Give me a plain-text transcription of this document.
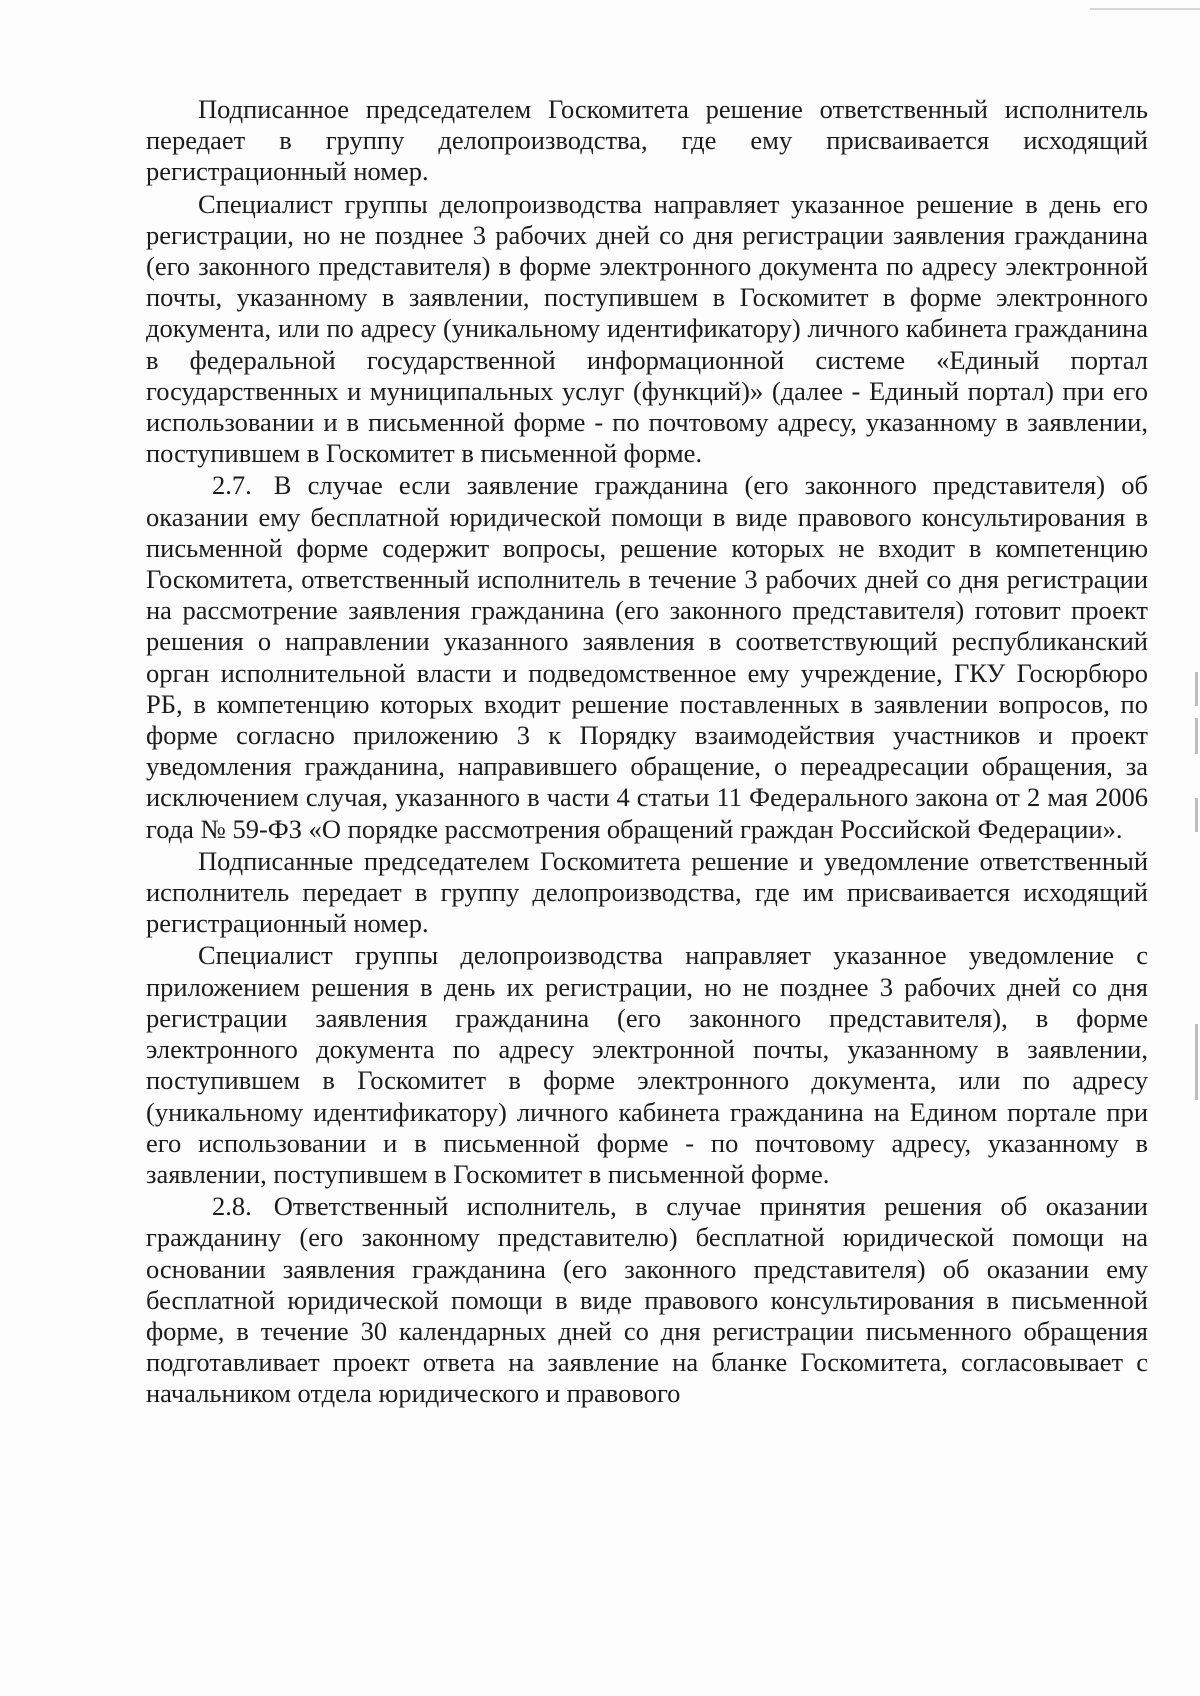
Подписанное председателем Госкомитета решение ответственный исполнитель передает в группу делопроизводства, где ему присваивается исходящий регистрационный номер.

Специалист группы делопроизводства направляет указанное решение в день его регистрации, но не позднее 3 рабочих дней со дня регистрации заявления гражданина (его законного представителя) в форме электронного документа по адресу электронной почты, указанному в заявлении, поступившем в Госкомитет в форме электронного документа, или по адресу (уникальному идентификатору) личного кабинета гражданина в федеральной государственной информационной системе «Единый портал государственных и муниципальных услуг (функций)» (далее - Единый портал) при его использовании и в письменной форме - по почтовому адресу, указанному в заявлении, поступившем в Госкомитет в письменной форме.

2.7. В случае если заявление гражданина (его законного представителя) об оказании ему бесплатной юридической помощи в виде правового консультирования в письменной форме содержит вопросы, решение которых не входит в компетенцию Госкомитета, ответственный исполнитель в течение 3 рабочих дней со дня регистрации на рассмотрение заявления гражданина (его законного представителя) готовит проект решения о направлении указанного заявления в соответствующий республиканский орган исполнительной власти и подведомственное ему учреждение, ГКУ Госюрбюро РБ, в компетенцию которых входит решение поставленных в заявлении вопросов, по форме согласно приложению 3 к Порядку взаимодействия участников и проект уведомления гражданина, направившего обращение, о переадресации обращения, за исключением случая, указанного в части 4 статьи 11 Федерального закона от 2 мая 2006 года № 59-ФЗ «О порядке рассмотрения обращений граждан Российской Федерации».

Подписанные председателем Госкомитета решение и уведомление ответственный исполнитель передает в группу делопроизводства, где им присваивается исходящий регистрационный номер.

Специалист группы делопроизводства направляет указанное уведомление с приложением решения в день их регистрации, но не позднее 3 рабочих дней со дня регистрации заявления гражданина (его законного представителя), в форме электронного документа по адресу электронной почты, указанному в заявлении, поступившем в Госкомитет в форме электронного документа, или по адресу (уникальному идентификатору) личного кабинета гражданина на Едином портале при его использовании и в письменной форме - по почтовому адресу, указанному в заявлении, поступившем в Госкомитет в письменной форме.

2.8. Ответственный исполнитель, в случае принятия решения об оказании гражданину (его законному представителю) бесплатной юридической помощи на основании заявления гражданина (его законного представителя) об оказании ему бесплатной юридической помощи в виде правового консультирования в письменной форме, в течение 30 календарных дней со дня регистрации письменного обращения подготавливает проект ответа на заявление на бланке Госкомитета, согласовывает с начальником отдела юридического и правового
